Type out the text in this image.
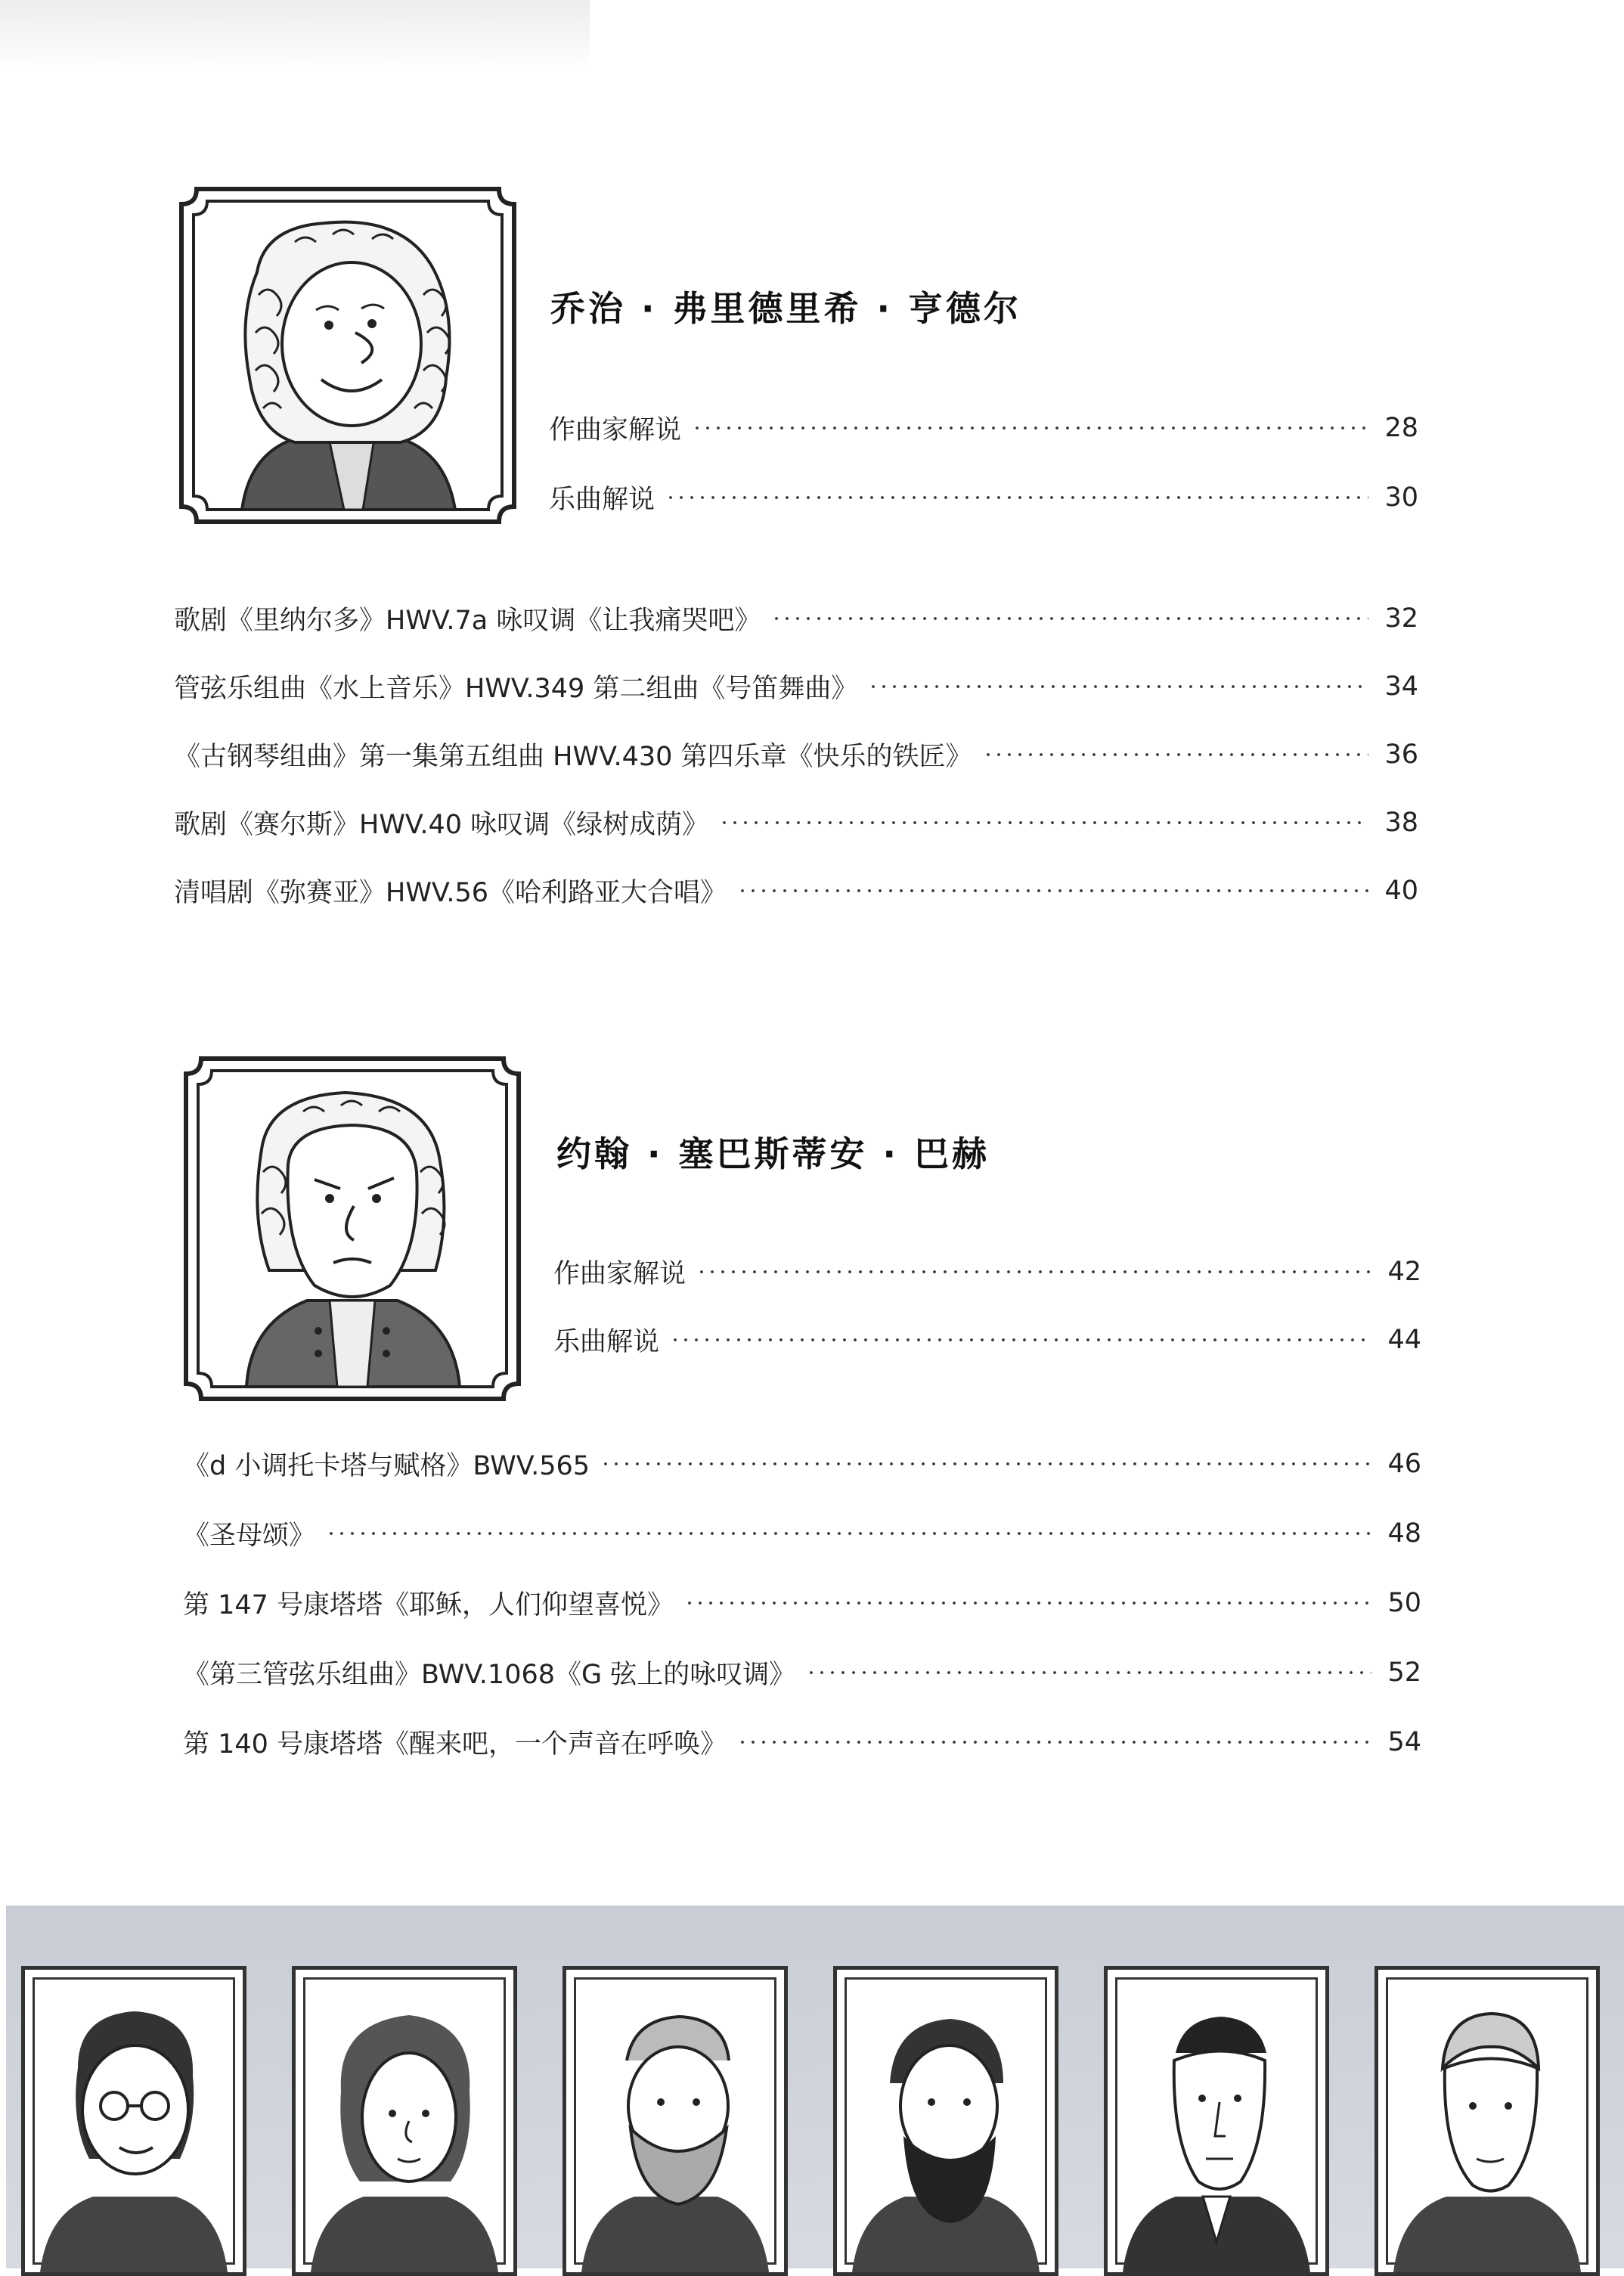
乔治 · 弗里德里希 · 亨德尔
作曲家解说	28
乐曲解说	30
歌剧《里纳尔多》HWV.7a 咏叹调《让我痛哭吧》	32
管弦乐组曲《水上音乐》HWV.349 第二组曲《号笛舞曲》	34
《古钢琴组曲》第一集第五组曲 HWV.430 第四乐章《快乐的铁匠》	36
歌剧《赛尔斯》HWV.40 咏叹调《绿树成荫》	38
清唱剧《弥赛亚》HWV.56《哈利路亚大合唱》	40
约翰 · 塞巴斯蒂安 · 巴赫
作曲家解说	42
乐曲解说	44
《d 小调托卡塔与赋格》BWV.565	46
《圣母颂》	48
第 147 号康塔塔《耶稣，人们仰望喜悦》	50
《第三管弦乐组曲》BWV.1068《G 弦上的咏叹调》	52
第 140 号康塔塔《醒来吧，一个声音在呼唤》	54
